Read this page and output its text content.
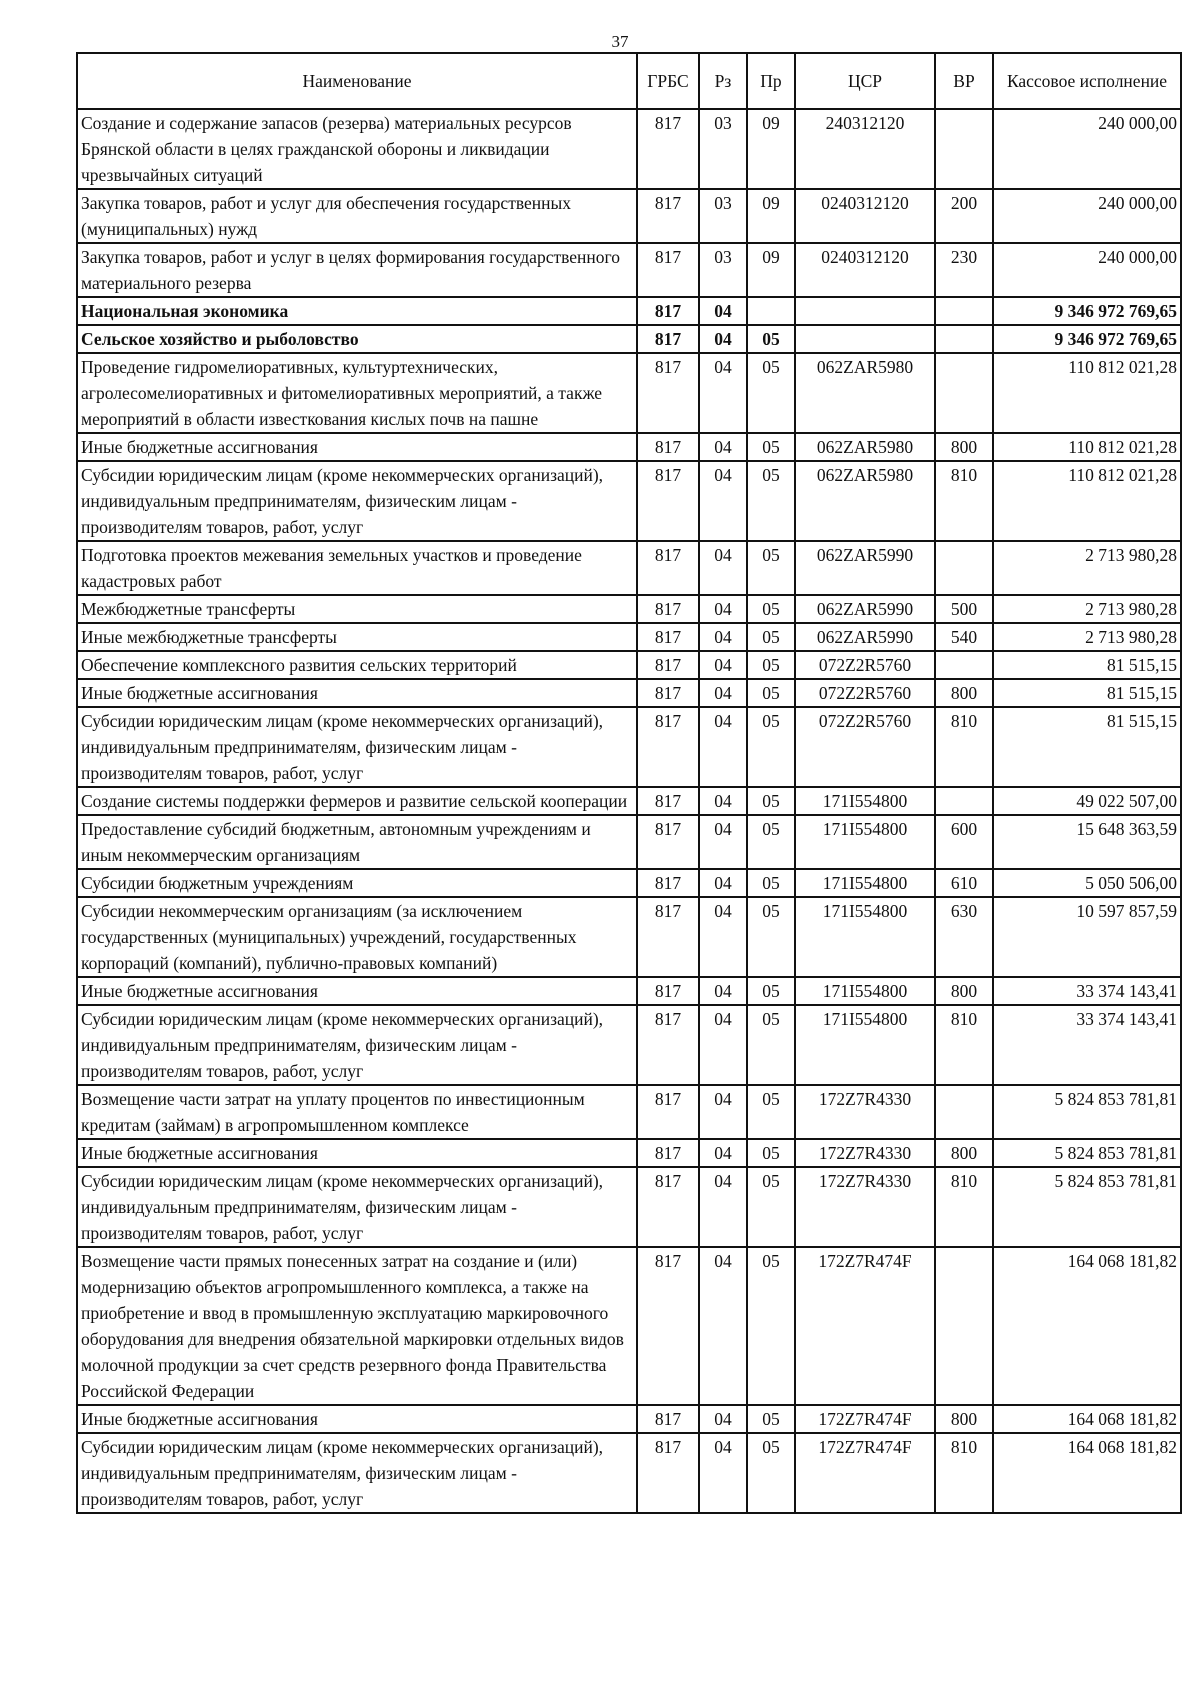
37
Наименование	ГРБС	Рз	Пр	ЦСР	ВР	Кассовое исполнение
Создание и содержание запасов (резерва) материальных ресурсов Брянской области в целях гражданской обороны и ликвидации чрезвычайных ситуаций	817	03	09	240312120		240 000,00
Закупка товаров, работ и услуг для обеспечения государственных (муниципальных) нужд	817	03	09	0240312120	200	240 000,00
Закупка товаров, работ и услуг в целях формирования государственного материального резерва	817	03	09	0240312120	230	240 000,00
Национальная экономика	817	04				9 346 972 769,65
Сельское хозяйство и рыболовство	817	04	05			9 346 972 769,65
Проведение гидромелиоративных, культуртехнических, агролесомелиоративных и фитомелиоративных мероприятий, а также мероприятий в области известкования кислых почв на пашне	817	04	05	062ZAR5980		110 812 021,28
Иные бюджетные ассигнования	817	04	05	062ZAR5980	800	110 812 021,28
Субсидии юридическим лицам (кроме некоммерческих организаций), индивидуальным предпринимателям, физическим лицам - производителям товаров, работ, услуг	817	04	05	062ZAR5980	810	110 812 021,28
Подготовка проектов межевания земельных участков и проведение кадастровых работ	817	04	05	062ZAR5990		2 713 980,28
Межбюджетные трансферты	817	04	05	062ZAR5990	500	2 713 980,28
Иные межбюджетные трансферты	817	04	05	062ZAR5990	540	2 713 980,28
Обеспечение комплексного развития сельских территорий	817	04	05	072Z2R5760		81 515,15
Иные бюджетные ассигнования	817	04	05	072Z2R5760	800	81 515,15
Субсидии юридическим лицам (кроме некоммерческих организаций), индивидуальным предпринимателям, физическим лицам - производителям товаров, работ, услуг	817	04	05	072Z2R5760	810	81 515,15
Создание системы поддержки фермеров и развитие сельской кооперации	817	04	05	171I554800		49 022 507,00
Предоставление субсидий бюджетным, автономным учреждениям и иным некоммерческим организациям	817	04	05	171I554800	600	15 648 363,59
Субсидии бюджетным учреждениям	817	04	05	171I554800	610	5 050 506,00
Субсидии некоммерческим организациям (за исключением государственных (муниципальных) учреждений, государственных корпораций (компаний), публично-правовых компаний)	817	04	05	171I554800	630	10 597 857,59
Иные бюджетные ассигнования	817	04	05	171I554800	800	33 374 143,41
Субсидии юридическим лицам (кроме некоммерческих организаций), индивидуальным предпринимателям, физическим лицам - производителям товаров, работ, услуг	817	04	05	171I554800	810	33 374 143,41
Возмещение части затрат на уплату процентов по инвестиционным кредитам (займам) в агропромышленном комплексе	817	04	05	172Z7R4330		5 824 853 781,81
Иные бюджетные ассигнования	817	04	05	172Z7R4330	800	5 824 853 781,81
Субсидии юридическим лицам (кроме некоммерческих организаций), индивидуальным предпринимателям, физическим лицам - производителям товаров, работ, услуг	817	04	05	172Z7R4330	810	5 824 853 781,81
Возмещение части прямых понесенных затрат на создание и (или) модернизацию объектов агропромышленного комплекса, а также на приобретение и ввод в промышленную эксплуатацию маркировочного оборудования для внедрения обязательной маркировки отдельных видов молочной продукции за счет средств резервного фонда Правительства Российской Федерации	817	04	05	172Z7R474F		164 068 181,82
Иные бюджетные ассигнования	817	04	05	172Z7R474F	800	164 068 181,82
Субсидии юридическим лицам (кроме некоммерческих организаций), индивидуальным предпринимателям, физическим лицам - производителям товаров, работ, услуг	817	04	05	172Z7R474F	810	164 068 181,82
